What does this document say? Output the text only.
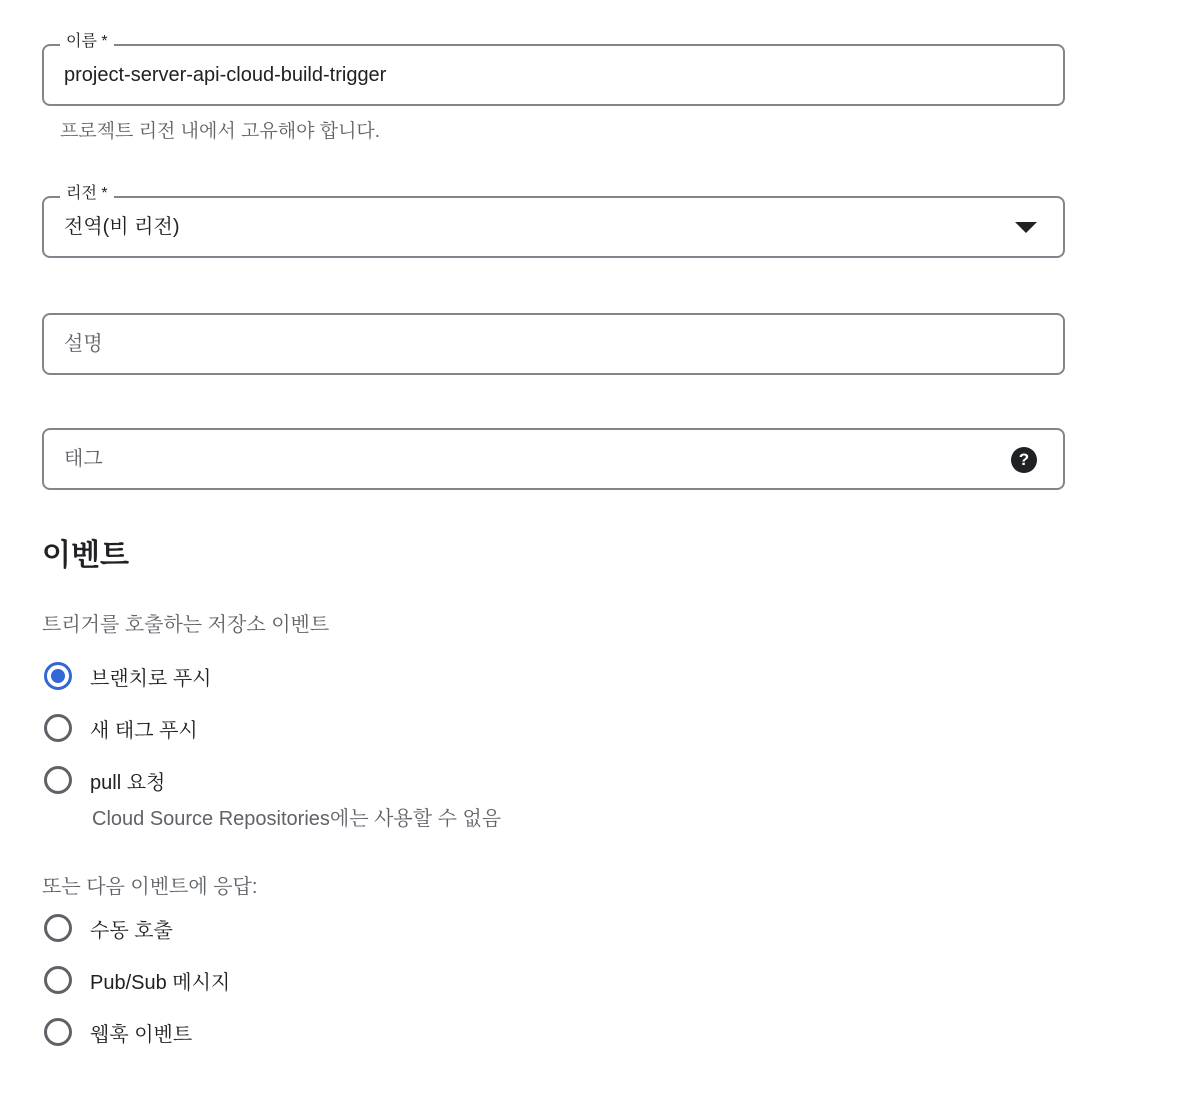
이름 *
project-server-api-cloud-build-trigger
프로젝트 리전 내에서 고유해야 합니다.
리전 *
전역(비 리전)
설명
태그
?
이벤트

트리거를 호출하는 저장소 이벤트

브랜치로 푸시
새 태그 푸시
pull 요청
Cloud Source Repositories에는 사용할 수 없음

또는 다음 이벤트에 응답:

수동 호출
Pub/Sub 메시지
웹훅 이벤트
